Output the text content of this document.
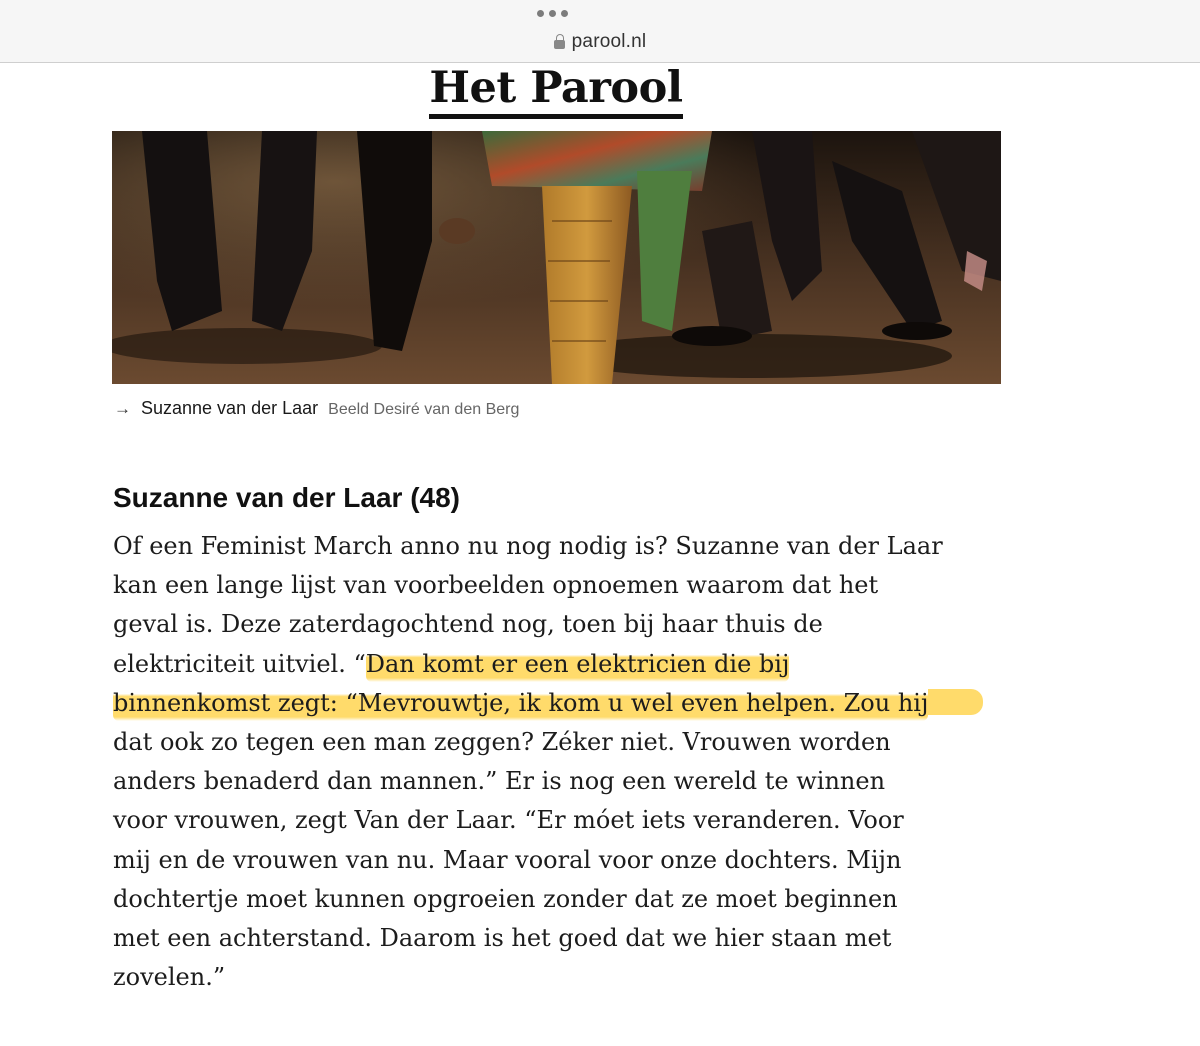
parool.nl
Het Parool
→ Suzanne van der Laar Beeld Desiré van den Berg
Suzanne van der Laar (48)
Of een Feminist March anno nu nog nodig is? Suzanne van der Laar
kan een lange lijst van voorbeelden opnoemen waarom dat het
geval is. Deze zaterdagochtend nog, toen bij haar thuis de
elektriciteit uitviel. “Dan komt er een elektricien die bij
binnenkomst zegt: “Mevrouwtje, ik kom u wel even helpen. Zou hij
dat ook zo tegen een man zeggen? Zéker niet. Vrouwen worden
anders benaderd dan mannen.” Er is nog een wereld te winnen
voor vrouwen, zegt Van der Laar. “Er móet iets veranderen. Voor
mij en de vrouwen van nu. Maar vooral voor onze dochters. Mijn
dochtertje moet kunnen opgroeien zonder dat ze moet beginnen
met een achterstand. Daarom is het goed dat we hier staan met
zovelen.”
